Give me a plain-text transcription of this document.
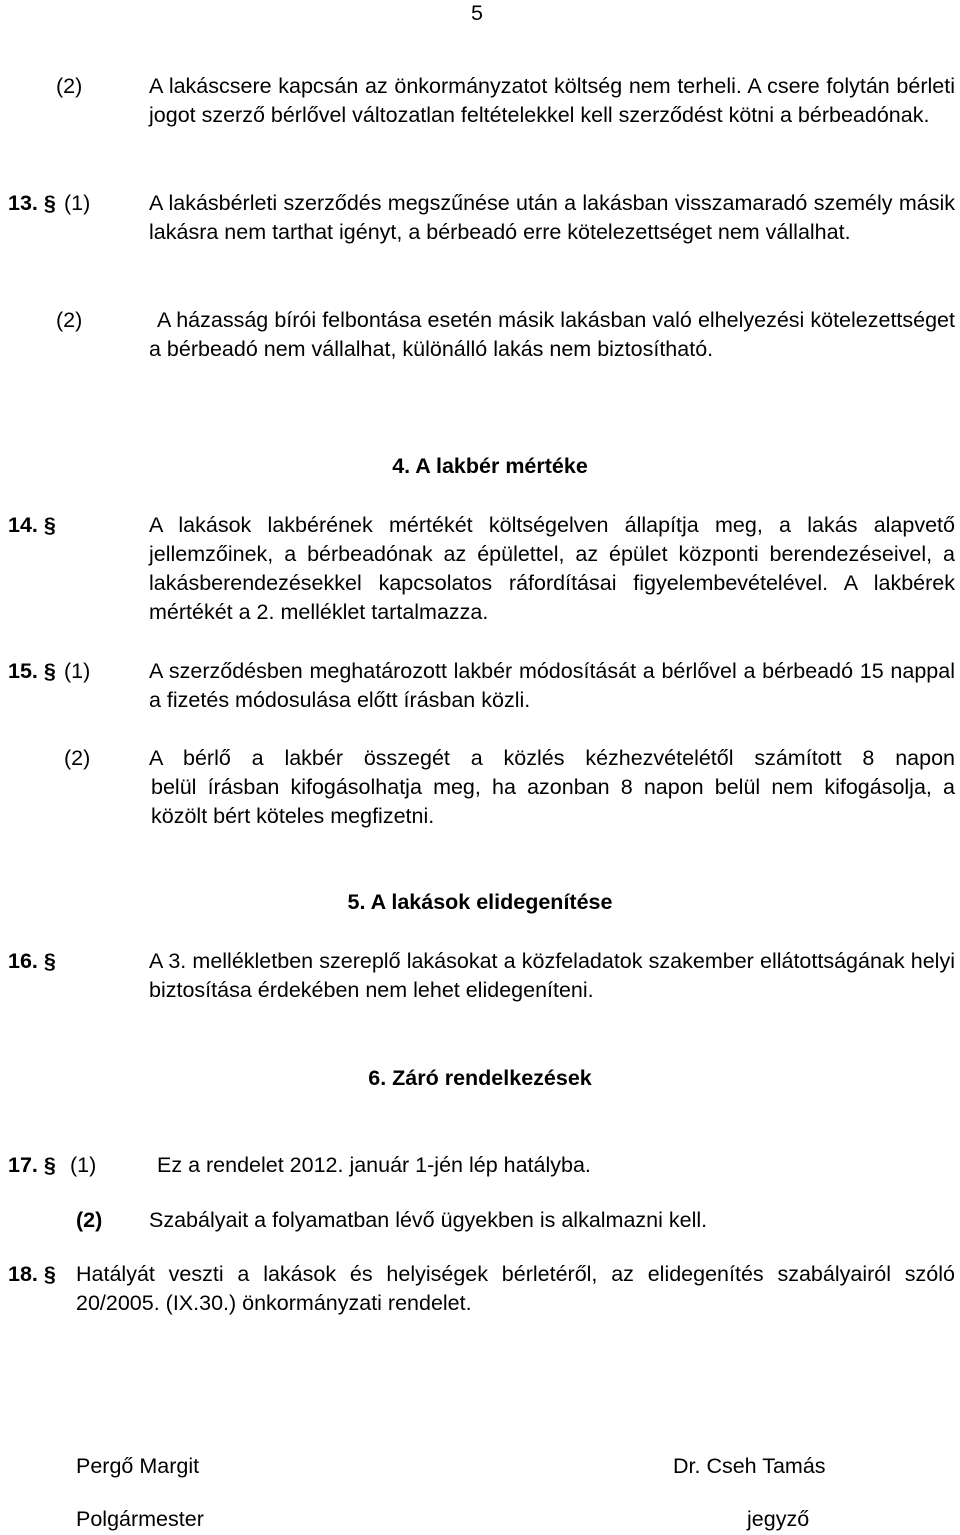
5
(2)	A lakáscsere kapcsán az önkormányzatot költség nem terheli. A csere folytán bérleti jogot szerző bérlővel változatlan feltételekkel kell szerződést kötni a bérbeadónak.
13. § (1)	A lakásbérleti szerződés megszűnése után a lakásban visszamaradó személy másik lakásra nem tarthat igényt, a bérbeadó erre kötelezettséget nem vállalhat.
(2)	A házasság bírói felbontása esetén másik lakásban való elhelyezési kötelezettséget a bérbeadó nem vállalhat, különálló lakás nem biztosítható.
4. A lakbér mértéke
14. §	A lakások lakbérének mértékét költségelven állapítja meg, a lakás alapvető jellemzőinek, a bérbeadónak az épülettel, az épület központi berendezéseivel, a lakásberendezésekkel kapcsolatos ráfordításai figyelembevételével. A lakbérek mértékét a 2. melléklet tartalmazza.
15. § (1)	A szerződésben meghatározott lakbér módosítását a bérlővel a bérbeadó 15 nappal a fizetés módosulása előtt írásban közli.
(2)	A bérlő a lakbér összegét a közlés kézhezvételétől számított 8 napon
belül írásban kifogásolhatja meg, ha azonban 8 napon belül nem kifogásolja, a közölt bért köteles megfizetni.
5. A lakások elidegenítése
16. §	A 3. mellékletben szereplő lakásokat a közfeladatok szakember ellátottságának helyi biztosítása érdekében nem lehet elidegeníteni.
6. Záró rendelkezések
17. § (1)	Ez a rendelet 2012. január 1-jén lép hatályba.
(2) Szabályait a folyamatban lévő ügyekben is alkalmazni kell.
18. § Hatályát veszti a lakások és helyiségek bérletéről, az elidegenítés szabályairól szóló 20/2005. (IX.30.) önkormányzati rendelet.
Pergő Margit
Polgármester
Dr. Cseh Tamás
jegyző
